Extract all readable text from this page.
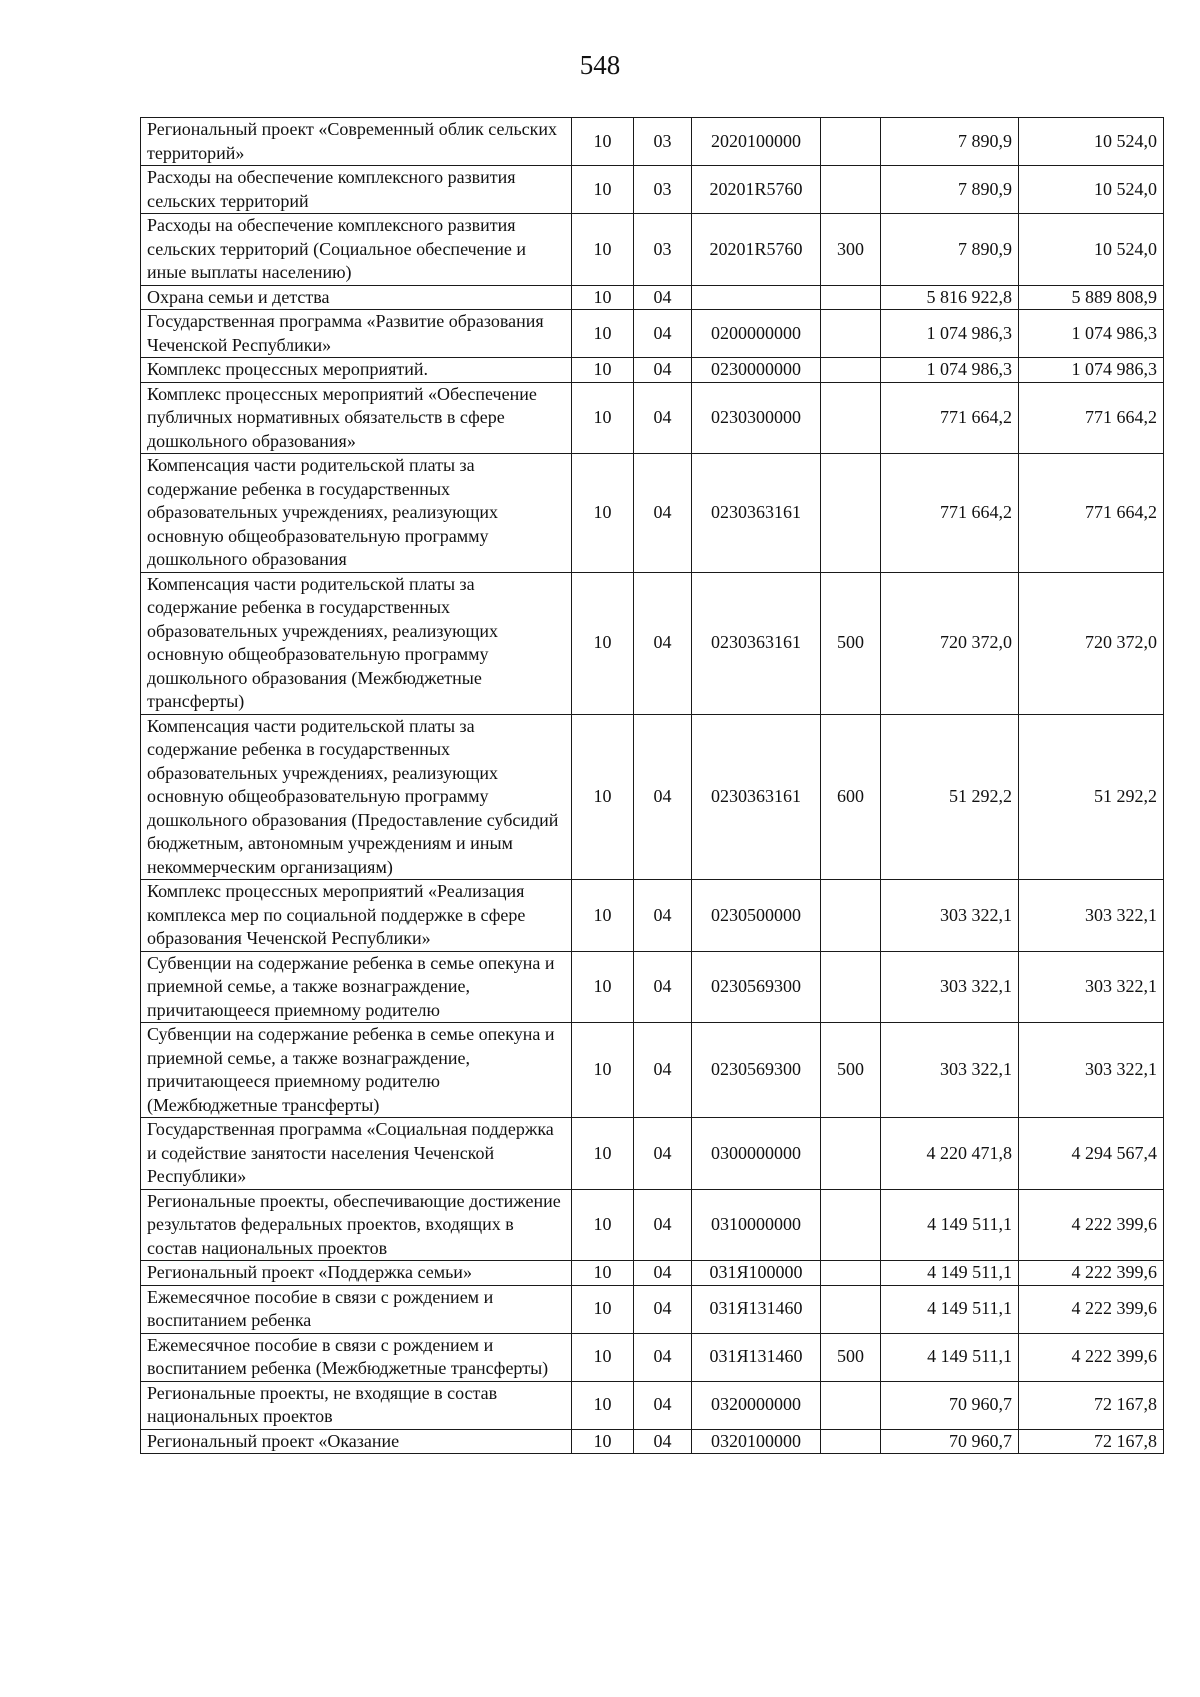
548
Региональный проект «Современный облик сельских территорий»	10	03	2020100000		7 890,9	10 524,0
Расходы на обеспечение комплексного развития сельских территорий	10	03	20201R5760		7 890,9	10 524,0
Расходы на обеспечение комплексного развития сельских территорий (Социальное обеспечение и иные выплаты населению)	10	03	20201R5760	300	7 890,9	10 524,0
Охрана семьи и детства	10	04			5 816 922,8	5 889 808,9
Государственная программа «Развитие образования Чеченской Республики»	10	04	0200000000		1 074 986,3	1 074 986,3
Комплекс процессных мероприятий.	10	04	0230000000		1 074 986,3	1 074 986,3
Комплекс процессных мероприятий «Обеспечение публичных нормативных обязательств в сфере дошкольного образования»	10	04	0230300000		771 664,2	771 664,2
Компенсация части родительской платы за содержание ребенка в государственных образовательных учреждениях, реализующих основную общеобразовательную программу дошкольного образования	10	04	0230363161		771 664,2	771 664,2
Компенсация части родительской платы за содержание ребенка в государственных образовательных учреждениях, реализующих основную общеобразовательную программу дошкольного образования (Межбюджетные трансферты)	10	04	0230363161	500	720 372,0	720 372,0
Компенсация части родительской платы за содержание ребенка в государственных образовательных учреждениях, реализующих основную общеобразовательную программу дошкольного образования (Предоставление субсидий бюджетным, автономным учреждениям и иным некоммерческим организациям)	10	04	0230363161	600	51 292,2	51 292,2
Комплекс процессных мероприятий «Реализация комплекса мер по социальной поддержке в сфере образования Чеченской Республики»	10	04	0230500000		303 322,1	303 322,1
Субвенции на содержание ребенка в семье опекуна и приемной семье, а также вознаграждение, причитающееся приемному родителю	10	04	0230569300		303 322,1	303 322,1
Субвенции на содержание ребенка в семье опекуна и приемной семье, а также вознаграждение, причитающееся приемному родителю (Межбюджетные трансферты)	10	04	0230569300	500	303 322,1	303 322,1
Государственная программа «Социальная поддержка и содействие занятости населения Чеченской Республики»	10	04	0300000000		4 220 471,8	4 294 567,4
Региональные проекты, обеспечивающие достижение результатов федеральных проектов, входящих в состав национальных проектов	10	04	0310000000		4 149 511,1	4 222 399,6
Региональный проект «Поддержка семьи»	10	04	031Я100000		4 149 511,1	4 222 399,6
Ежемесячное пособие в связи с рождением и воспитанием ребенка	10	04	031Я131460		4 149 511,1	4 222 399,6
Ежемесячное пособие в связи с рождением и воспитанием ребенка (Межбюджетные трансферты)	10	04	031Я131460	500	4 149 511,1	4 222 399,6
Региональные проекты, не входящие в состав национальных проектов	10	04	0320000000		70 960,7	72 167,8
Региональный проект «Оказание	10	04	0320100000		70 960,7	72 167,8
